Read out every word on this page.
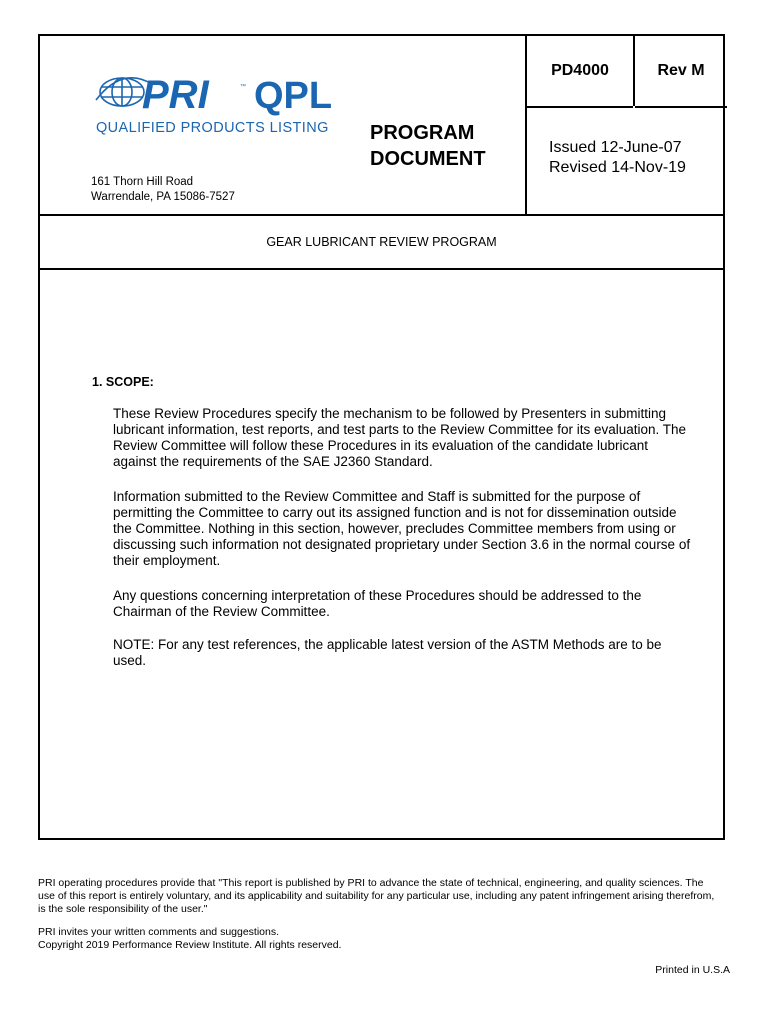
PRI	™ QPL
QUALIFIED PRODUCTS LISTING PROGRAM
DOCUMENT
161 Thorn Hill Road
Warrendale, PA 15086-7527
PD4000	Rev M
Issued 12-June-07
Revised 14-Nov-19
GEAR LUBRICANT REVIEW PROGRAM
1. SCOPE:

These Review Procedures specify the mechanism to be followed by Presenters in submitting lubricant information, test reports, and test parts to the Review Committee for its evaluation. The Review Committee will follow these Procedures in its evaluation of the candidate lubricant against the requirements of the SAE J2360 Standard.

Information submitted to the Review Committee and Staff is submitted for the purpose of permitting the Committee to carry out its assigned function and is not for dissemination outside the Committee. Nothing in this section, however, precludes Committee members from using or discussing such information not designated proprietary under Section 3.6 in the normal course of their employment.

Any questions concerning interpretation of these Procedures should be addressed to the Chairman of the Review Committee.

NOTE: For any test references, the applicable latest version of the ASTM Methods are to be used.

PRI operating procedures provide that "This report is published by PRI to advance the state of technical, engineering, and quality sciences. The use of this report is entirely voluntary, and its applicability and suitability for any particular use, including any patent infringement arising therefrom, is the sole responsibility of the user."

PRI invites your written comments and suggestions.

Copyright 2019 Performance Review Institute. All rights reserved.

Printed in U.S.A
